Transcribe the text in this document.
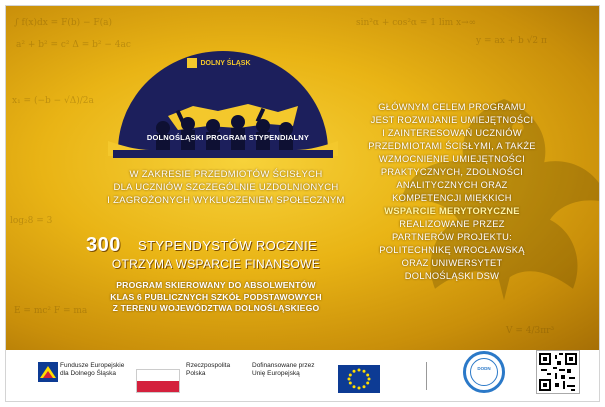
∫ f(x)dx = F(b) − F(a)
a² + b² = c² Δ = b² − 4ac
sin²α + cos²α = 1 lim x→∞
y = ax + b √2 π
x₁ = (−b − √Δ)/2a
log₂8 = 3
E = mc² F = ma
V = 4/3πr³
DOLNY ŚLĄSK
DOLNOŚLĄSKI PROGRAM STYPENDIALNY
W ZAKRESIE PRZEDMIOTÓW ŚCISŁYCH
DLA UCZNIÓW SZCZEGÓLNIE UZDOLNIONYCH
I ZAGROŻONYCH WYKLUCZENIEM SPOŁECZNYM
300 STYPENDYSTÓW ROCZNIE
OTRZYMA WSPARCIE FINANSOWE
PROGRAM SKIEROWANY DO ABSOLWENTÓW
KLAS 6 PUBLICZNYCH SZKÓŁ PODSTAWOWYCH
Z TERENU WOJEWÓDZTWA DOLNOŚLĄSKIEGO
GŁÓWNYM CELEM PROGRAMU
JEST ROZWIJANIE UMIEJĘTNOŚCI
I ZAINTERESOWAŃ UCZNIÓW
PRZEDMIOTAMI ŚCISŁYMI, A TAKŻE
WZMOCNIENIE UMIEJĘTNOŚCI
PRAKTYCZNYCH, ZDOLNOŚCI
ANALITYCZNYCH ORAZ
KOMPETENCJI MIĘKKICH
WSPARCIE MERYTORYCZNE
REALIZOWANE PRZEZ
PARTNERÓW PROJEKTU:
POLITECHNIKĘ WROCŁAWSKĄ
ORAZ UNIWERSYTET
DOLNOŚLĄSKI DSW
Fundusze Europejskie
dla Dolnego Śląska
Rzeczpospolita
Polska
Dofinansowane przez
Unię Europejską
DODN
